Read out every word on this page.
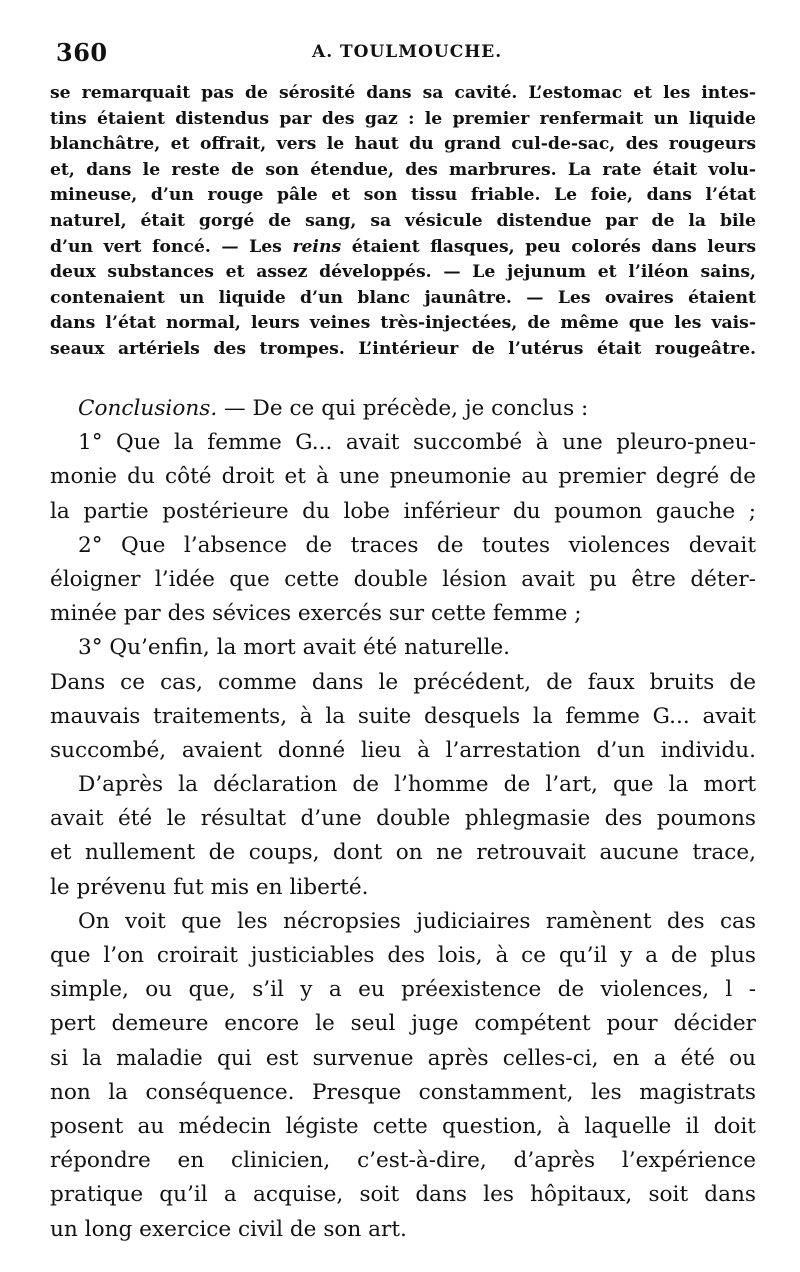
360	A. TOULMOUCHE.
se remarquait pas de sérosité dans sa cavité. L’estomac et les intes-
tins étaient distendus par des gaz : le premier renfermait un liquide
blanchâtre, et offrait, vers le haut du grand cul-de-sac, des rougeurs
et, dans le reste de son étendue, des marbrures. La rate était volu-
mineuse, d’un rouge pâle et son tissu friable. Le foie, dans l’état
naturel, était gorgé de sang, sa vésicule distendue par de la bile
d’un vert foncé. — Les reins étaient flasques, peu colorés dans leurs
deux substances et assez développés. — Le jejunum et l’iléon sains,
contenaient un liquide d’un blanc jaunâtre. — Les ovaires étaient
dans l’état normal, leurs veines très-injectées, de même que les vais-
seaux artériels des trompes. L’intérieur de l’utérus était rougeâtre.
Conclusions. — De ce qui précède, je conclus :
1° Que la femme G... avait succombé à une pleuro-pneu-
monie du côté droit et à une pneumonie au premier degré de
la partie postérieure du lobe inférieur du poumon gauche ;
2° Que l’absence de traces de toutes violences devait
éloigner l’idée que cette double lésion avait pu être déter-
minée par des sévices exercés sur cette femme ;
3° Qu’enfin, la mort avait été naturelle.
Dans ce cas, comme dans le précédent, de faux bruits de
mauvais traitements, à la suite desquels la femme G... avait
succombé, avaient donné lieu à l’arrestation d’un individu.
D’après la déclaration de l’homme de l’art, que la mort
avait été le résultat d’une double phlegmasie des poumons
et nullement de coups, dont on ne retrouvait aucune trace,
le prévenu fut mis en liberté.
On voit que les nécropsies judiciaires ramènent des cas
que l’on croirait justiciables des lois, à ce qu’il y a de plus
simple, ou que, s’il y a eu préexistence de violences, l -
pert demeure encore le seul juge compétent pour décider
si la maladie qui est survenue après celles-ci, en a été ou
non la conséquence. Presque constamment, les magistrats
posent au médecin légiste cette question, à laquelle il doit
répondre en clinicien, c’est-à-dire, d’après l’expérience
pratique qu’il a acquise, soit dans les hôpitaux, soit dans
un long exercice civil de son art.
